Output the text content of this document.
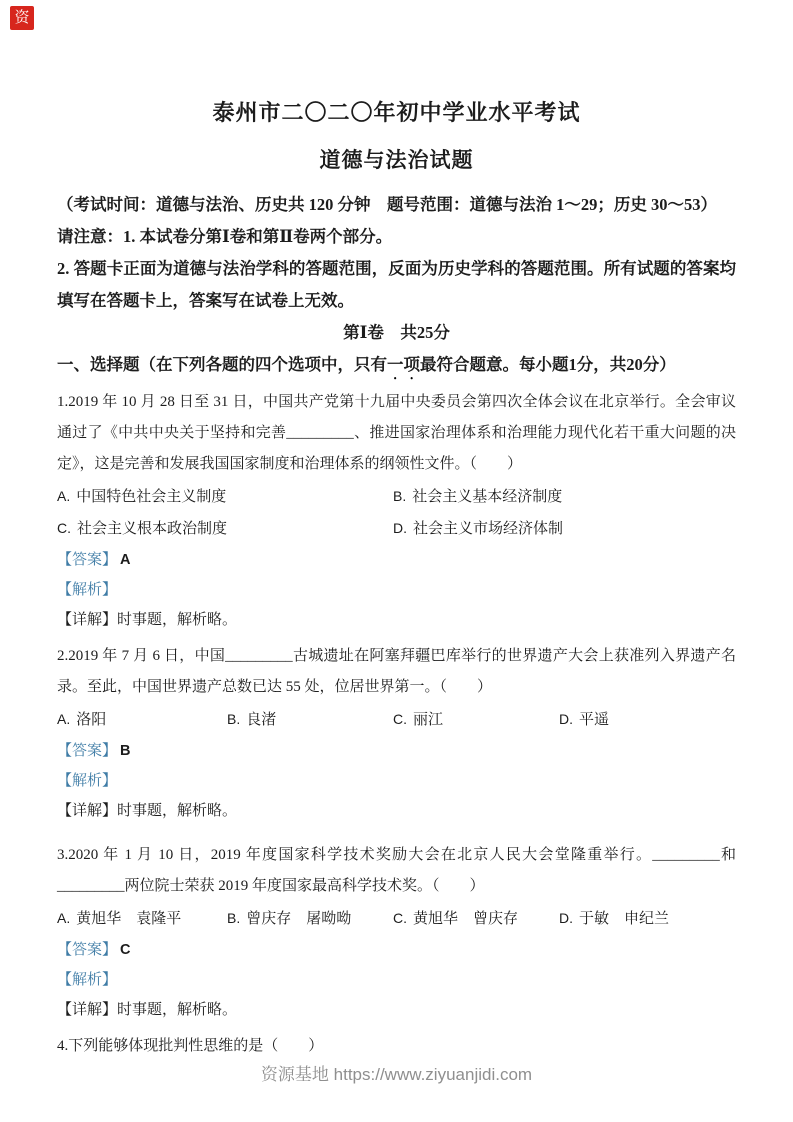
资
泰州市二〇二〇年初中学业水平考试
道德与法治试题

（考试时间：道德与法治、历史共 120 分钟　题号范围：道德与法治 1～29；历史 30～53）

请注意：1. 本试卷分第Ⅰ卷和第Ⅱ卷两个部分。

2. 答题卡正面为道德与法治学科的答题范围，反面为历史学科的答题范围。所有试题的答案均填写在答题卡上，答案写在试卷上无效。

第Ⅰ卷　共25分

一、选择题（在下列各题的四个选项中，只有一项最符合题意。每小题1分，共20分）

1.2019 年 10 月 28 日至 31 日，中国共产党第十九届中央委员会第四次全体会议在北京举行。全会审议通过了《中共中央关于坚持和完善_________、推进国家治理体系和治理能力现代化若干重大问题的决定》，这是完善和发展我国国家制度和治理体系的纲领性文件。（　　）

A. 中国特色社会主义制度	B. 社会主义基本经济制度
C. 社会主义根本政治制度	D. 社会主义市场经济体制

【答案】 A

【解析】

【详解】时事题，解析略。

2.2019 年 7 月 6 日，中国_________古城遗址在阿塞拜疆巴库举行的世界遗产大会上获准列入界遗产名录。至此，中国世界遗产总数已达 55 处，位居世界第一。（　　）

A. 洛阳	B. 良渚	C. 丽江	D. 平遥

【答案】 B

【解析】

【详解】时事题，解析略。

3.2020 年 1 月 10 日，2019 年度国家科学技术奖励大会在北京人民大会堂隆重举行。_________和_________两位院士荣获 2019 年度国家最高科学技术奖。（　　）

A. 黄旭华　袁隆平	B. 曾庆存　屠呦呦	C. 黄旭华　曾庆存	D. 于敏　申纪兰

【答案】 C

【解析】

【详解】时事题，解析略。

4.下列能够体现批判性思维的是（　　）

资源基地 https://www.ziyuanjidi.com
